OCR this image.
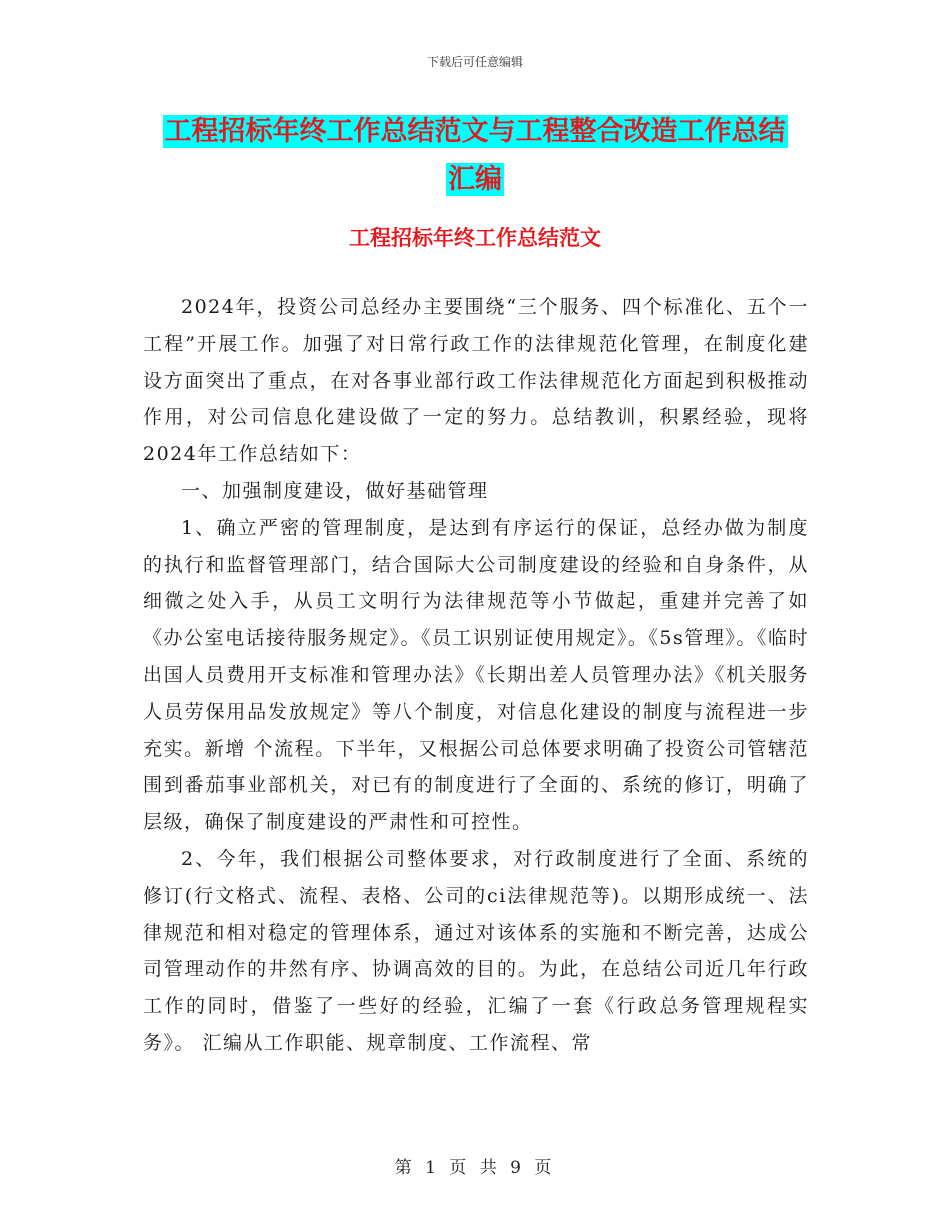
下载后可任意编辑
工程招标年终工作总结范文与工程整合改造工作总结
汇编
工程招标年终工作总结范文

2024年，投资公司总经办主要围绕“三个服务、四个标准化、五个一工程”开展工作。加强了对日常行政工作的法律规范化管理，在制度化建设方面突出了重点，在对各事业部行政工作法律规范化方面起到积极推动作用，对公司信息化建设做了一定的努力。总结教训，积累经验，现将2024年工作总结如下：

一、加强制度建设，做好基础管理

1、确立严密的管理制度，是达到有序运行的保证，总经办做为制度的执行和监督管理部门，结合国际大公司制度建设的经验和自身条件，从细微之处入手，从员工文明行为法律规范等小节做起，重建并完善了如《办公室电话接待服务规定》。《员工识别证使用规定》。《5s管理》。《临时出国人员费用开支标准和管理办法》《长期出差人员管理办法》《机关服务人员劳保用品发放规定》等八个制度，对信息化建设的制度与流程进一步充实。新增 个流程。下半年，又根据公司总体要求明确了投资公司管辖范围到番茄事业部机关，对已有的制度进行了全面的、系统的修订，明确了层级，确保了制度建设的严肃性和可控性。

2、今年，我们根据公司整体要求，对行政制度进行了全面、系统的修订(行文格式、流程、表格、公司的ci法律规范等)。以期形成统一、法律规范和相对稳定的管理体系，通过对该体系的实施和不断完善，达成公司管理动作的井然有序、协调高效的目的。为此，在总结公司近几年行政工作的同时，借鉴了一些好的经验，汇编了一套《行政总务管理规程实务》。 汇编从工作职能、规章制度、工作流程、常

第 1 页 共 9 页
